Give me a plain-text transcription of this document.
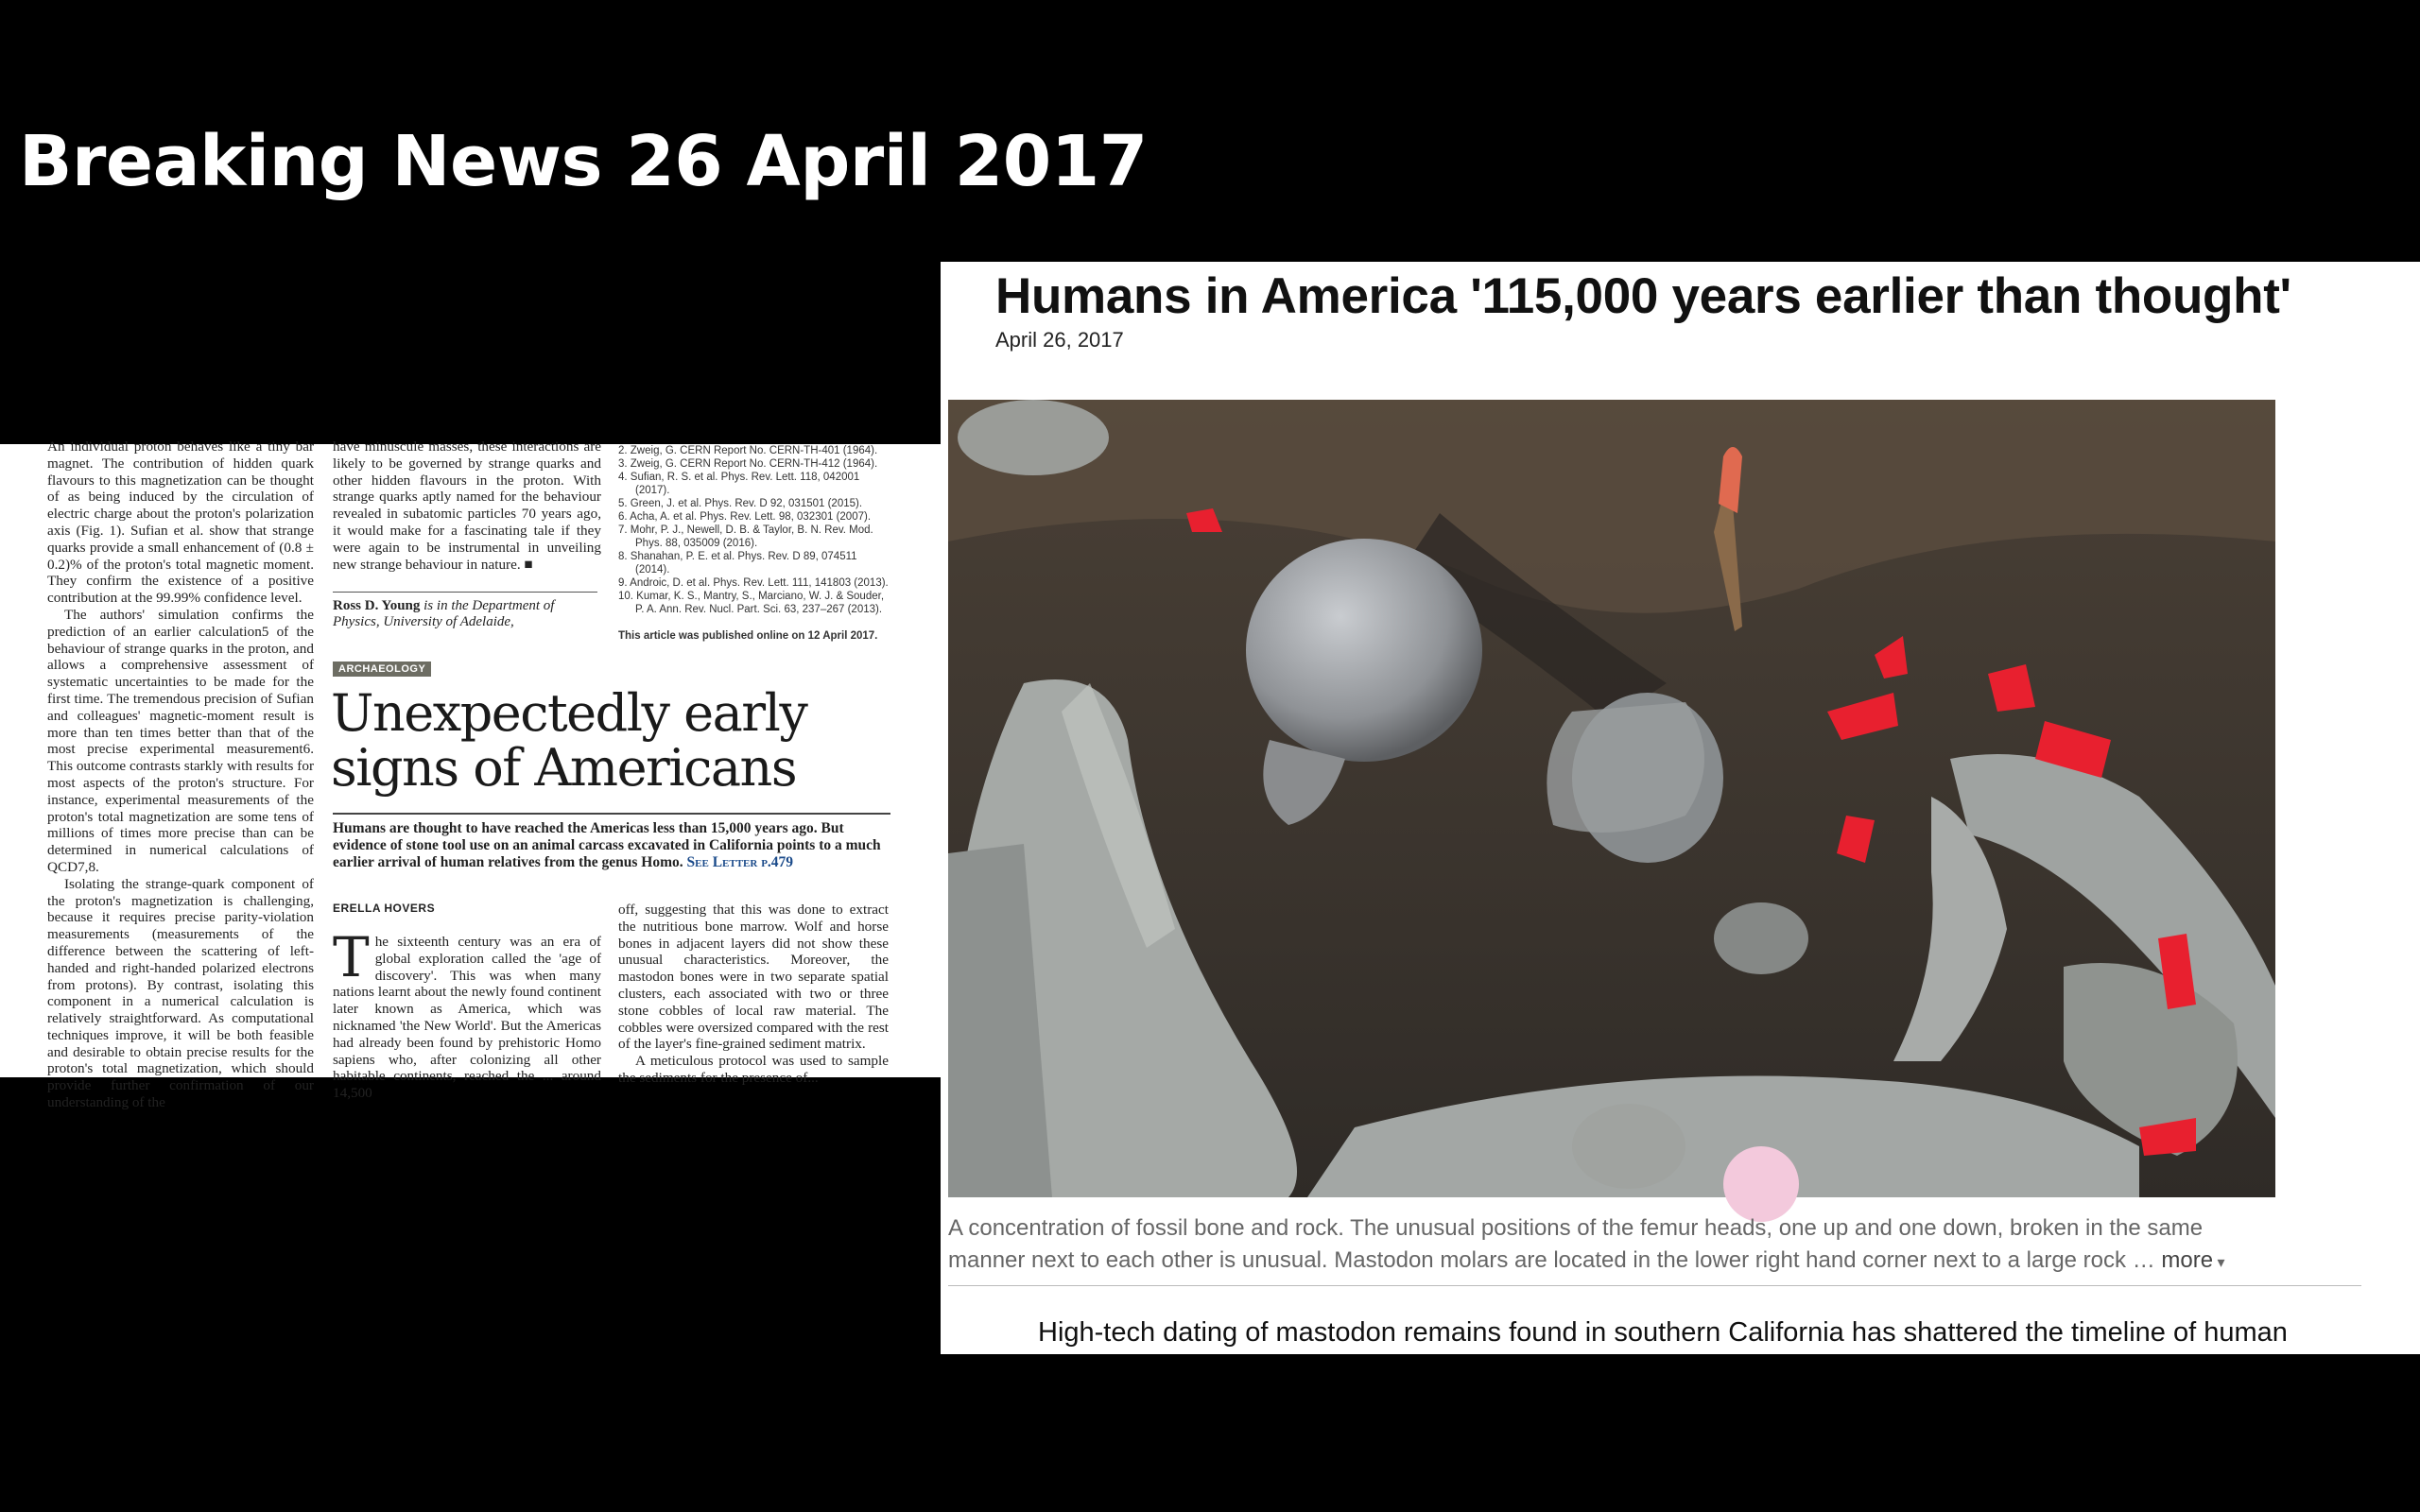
Breaking News 26 April 2017

An individual proton behaves like a tiny bar magnet. The contribution of hidden quark flavours to this magnetization can be thought of as being induced by the circulation of electric charge about the proton's polarization axis (Fig. 1). Sufian et al. show that strange quarks provide a small enhancement of (0.8 ± 0.2)% of the proton's total magnetic moment. They confirm the existence of a positive contribution at the 99.99% confidence level.

The authors' simulation confirms the prediction of an earlier calculation5 of the behaviour of strange quarks in the proton, and allows a comprehensive assessment of systematic uncertainties to be made for the first time. The tremendous precision of Sufian and colleagues' magnetic-moment result is more than ten times better than that of the most precise experimental measurement6. This outcome contrasts starkly with results for most aspects of the proton's structure. For instance, experimental measurements of the proton's total magnetization are some tens of millions of times more precise than can be determined in numerical calculations of QCD7,8.

Isolating the strange-quark component of the proton's magnetization is challenging, because it requires precise parity-violation measurements (measurements of the difference between the scattering of left-handed and right-handed polarized electrons from protons). By contrast, isolating this component in a numerical calculation is relatively straightforward. As computational techniques improve, it will be both feasible and desirable to obtain precise results for the proton's total magnetization, which should provide further confirmation of our understanding of the

have minuscule masses, these interactions are likely to be governed by strange quarks and other hidden flavours in the proton. With strange quarks aptly named for the behaviour revealed in subatomic particles 70 years ago, it would make for a fascinating tale if they were again to be instrumental in unveiling new strange behaviour in nature. ■

Ross D. Young is in the Department of Physics, University of Adelaide,
2. Zweig, G. CERN Report No. CERN-TH-401 (1964).
3. Zweig, G. CERN Report No. CERN-TH-412 (1964).
4. Sufian, R. S. et al. Phys. Rev. Lett. 118, 042001 (2017).
5. Green, J. et al. Phys. Rev. D 92, 031501 (2015).
6. Acha, A. et al. Phys. Rev. Lett. 98, 032301 (2007).
7. Mohr, P. J., Newell, D. B. & Taylor, B. N. Rev. Mod. Phys. 88, 035009 (2016).
8. Shanahan, P. E. et al. Phys. Rev. D 89, 074511 (2014).
9. Androic, D. et al. Phys. Rev. Lett. 111, 141803 (2013).
10. Kumar, K. S., Mantry, S., Marciano, W. J. & Souder, P. A. Ann. Rev. Nucl. Part. Sci. 63, 237–267 (2013).
This article was published online on 12 April 2017.
ARCHAEOLOGY
Unexpectedly early signs of Americans
Humans are thought to have reached the Americas less than 15,000 years ago. But evidence of stone tool use on an animal carcass excavated in California points to a much earlier arrival of human relatives from the genus Homo. See Letter p.479
ERELLA HOVERS
The sixteenth century was an era of global exploration called the 'age of discovery'. This was when many nations learnt about the newly found continent later known as America, which was nicknamed 'the New World'. But the Americas had already been found by prehistoric Homo sapiens who, after colonizing all other habitable continents, reached the ... around 14,500

off, suggesting that this was done to extract the nutritious bone marrow. Wolf and horse bones in adjacent layers did not show these unusual characteristics. Moreover, the mastodon bones were in two separate spatial clusters, each associated with two or three stone cobbles of local raw material. The cobbles were oversized compared with the rest of the layer's fine-grained sediment matrix.

A meticulous protocol was used to sample the sediments for the presence of...

Humans in America '115,000 years earlier than thought'
April 26, 2017
A concentration of fossil bone and rock. The unusual positions of the femur heads, one up and one down, broken in the same manner next to each other is unusual. Mastodon molars are located in the lower right hand corner next to a large rock … more ▾
High-tech dating of mastodon remains found in southern California has shattered the timeline of human
